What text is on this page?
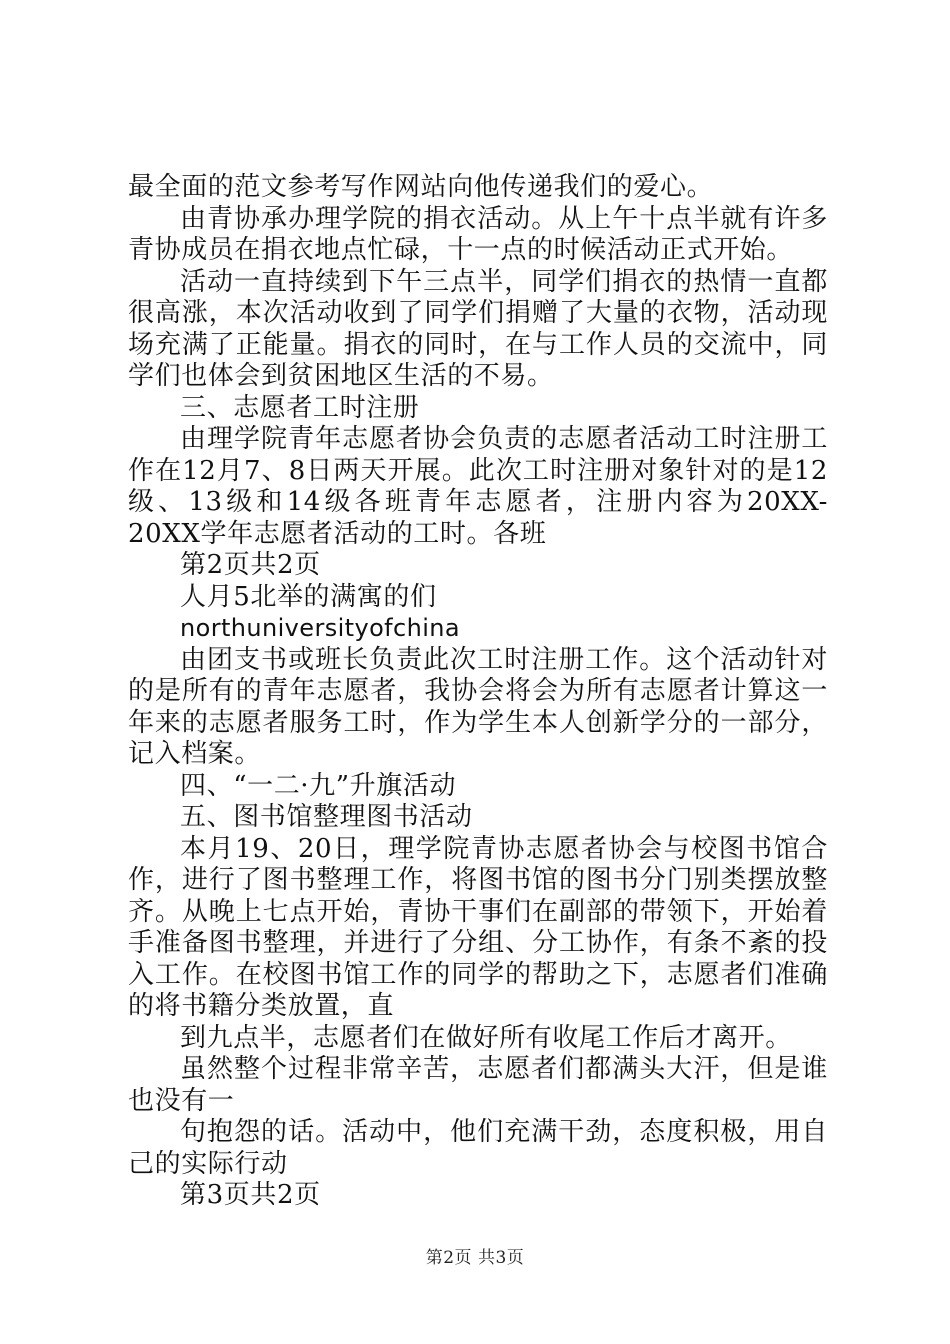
最全面的范文参考写作网站向他传递我们的爱心。

由青协承办理学院的捐衣活动。从上午十点半就有许多青协成员在捐衣地点忙碌，十一点的时候活动正式开始。

活动一直持续到下午三点半，同学们捐衣的热情一直都很高涨，本次活动收到了同学们捐赠了大量的衣物，活动现场充满了正能量。捐衣的同时，在与工作人员的交流中，同学们也体会到贫困地区生活的不易。

三、志愿者工时注册

由理学院青年志愿者协会负责的志愿者活动工时注册工作在12月7、8日两天开展。此次工时注册对象针对的是12级、13级和14级各班青年志愿者，注册内容为20XX-20XX学年志愿者活动的工时。各班

第2页共2页

人月5北举的满寓的们

northuniversityofchina

由团支书或班长负责此次工时注册工作。这个活动针对的是所有的青年志愿者，我协会将会为所有志愿者计算这一年来的志愿者服务工时，作为学生本人创新学分的一部分，记入档案。

四、“一二·九”升旗活动

五、图书馆整理图书活动

本月19、20日，理学院青协志愿者协会与校图书馆合作，进行了图书整理工作，将图书馆的图书分门别类摆放整齐。从晚上七点开始，青协干事们在副部的带领下，开始着手准备图书整理，并进行了分组、分工协作，有条不紊的投入工作。在校图书馆工作的同学的帮助之下，志愿者们准确的将书籍分类放置，直

到九点半，志愿者们在做好所有收尾工作后才离开。

虽然整个过程非常辛苦，志愿者们都满头大汗，但是谁也没有一

句抱怨的话。活动中，他们充满干劲，态度积极，用自己的实际行动

第3页共2页

第2页 共3页
